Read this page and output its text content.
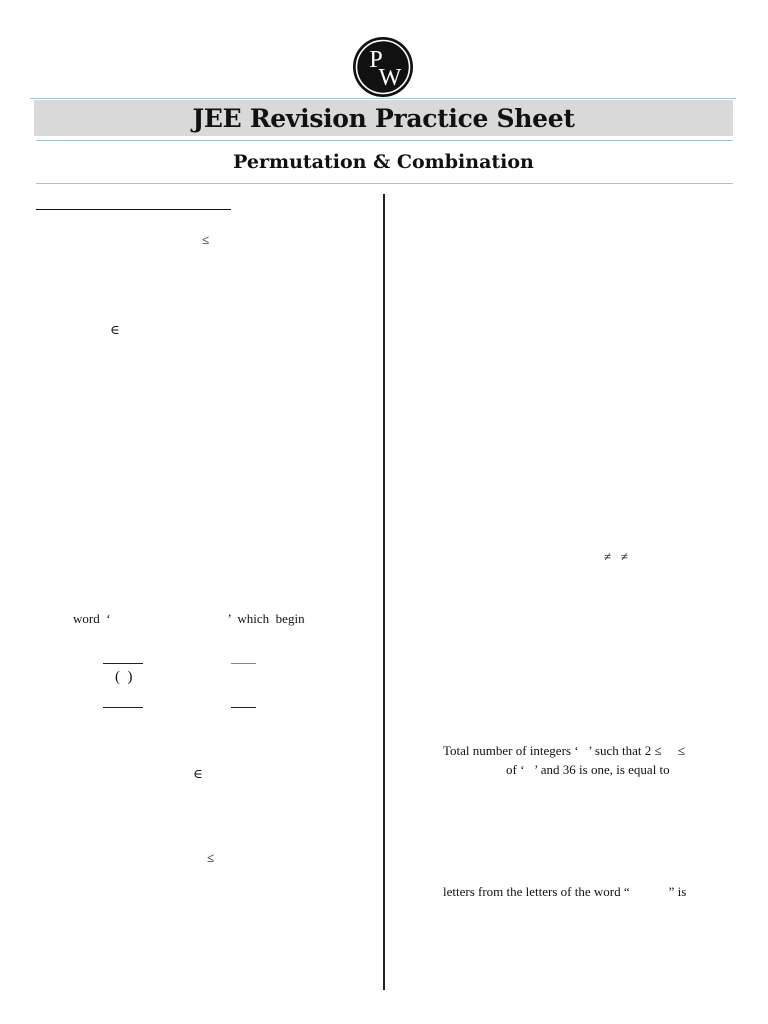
P
W
JEE Revision Practice Sheet
Permutation & Combination
≤
∈
word  ‘                                    ’  which  begin
(  )
∈
≤
≠   ≠
Total number of integers ‘   ’ such that 2 ≤     ≤
of ‘   ’ and 36 is one, is equal to
letters from the letters of the word “            ” is
